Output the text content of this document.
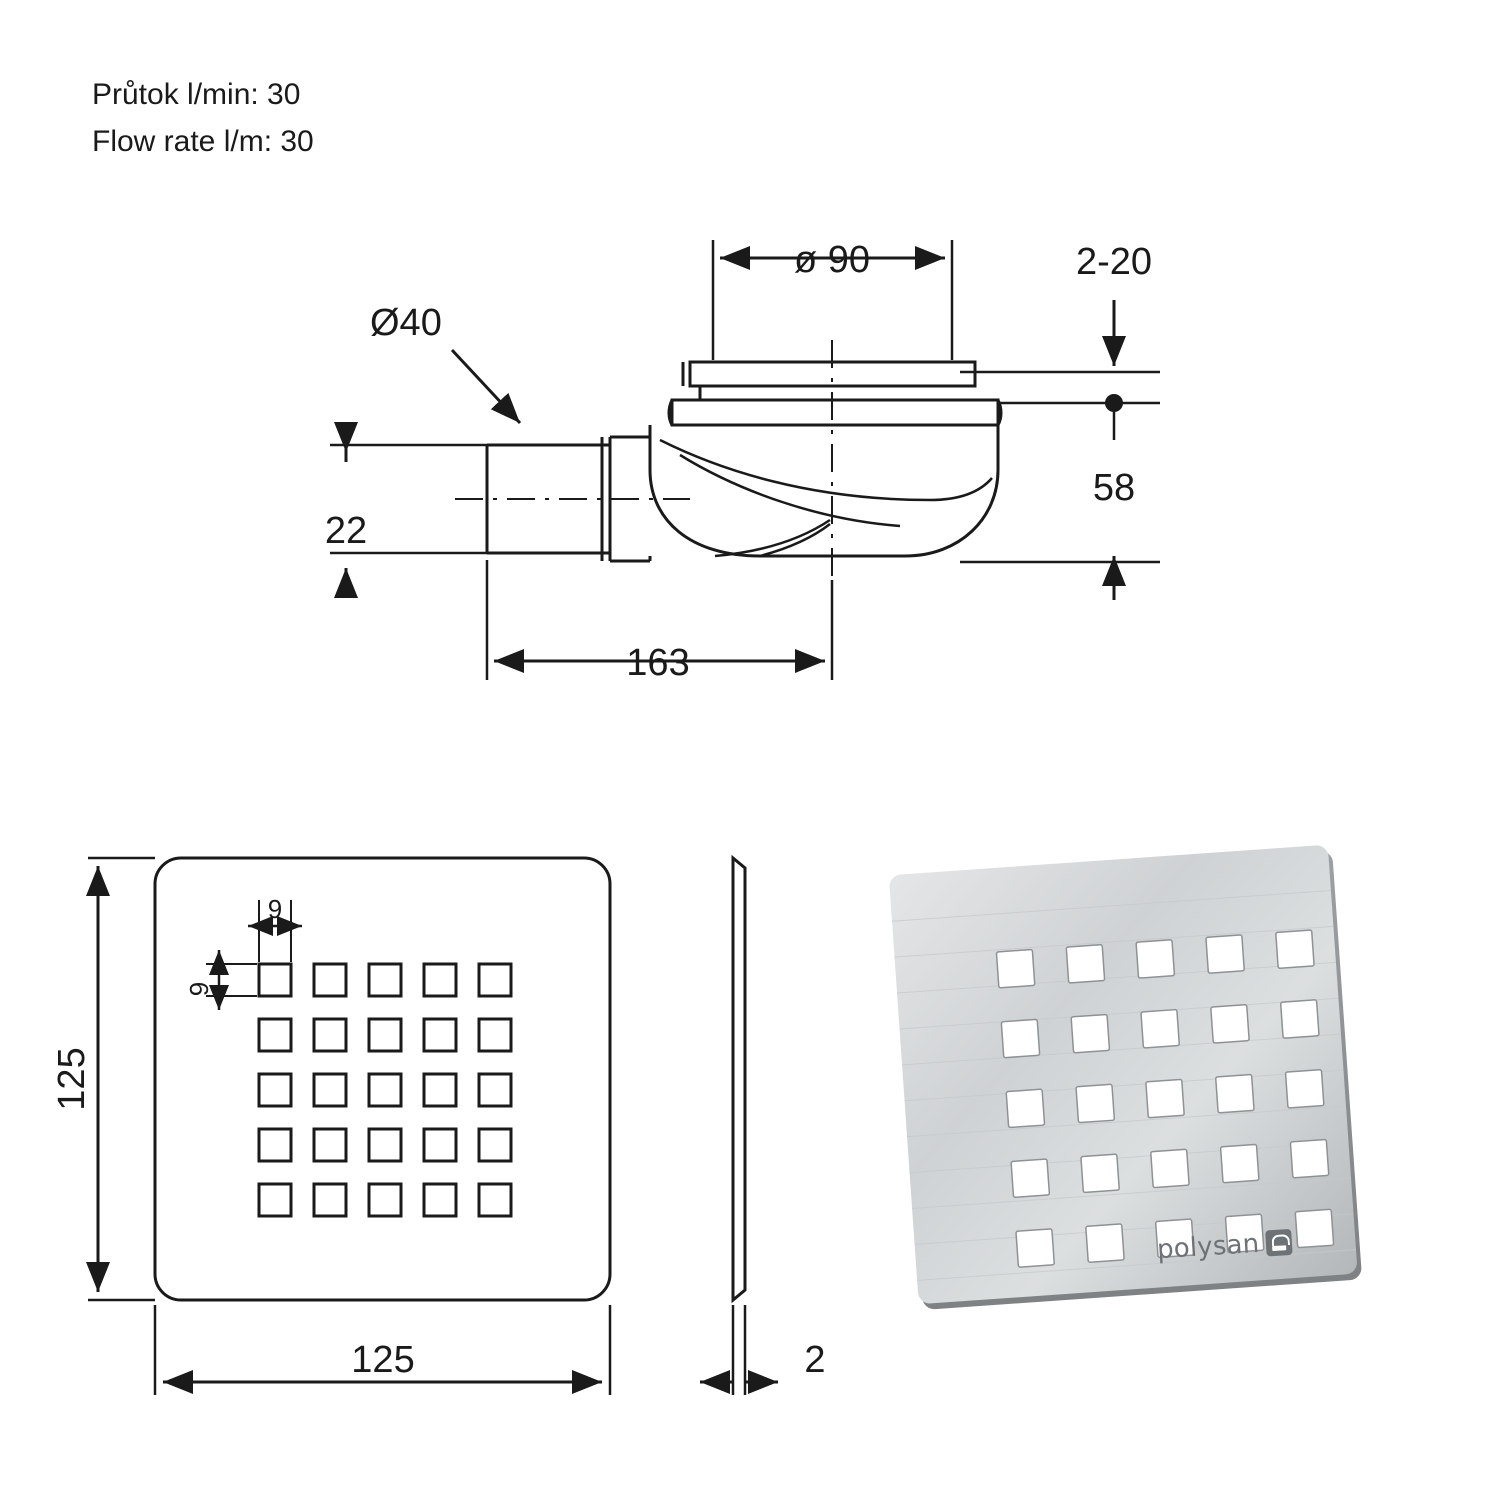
Průtok l/min: 30
Flow rate l/m: 30
ø 90
Ø40
22
163
2-20
58
9
9
125
125	2
polysan
